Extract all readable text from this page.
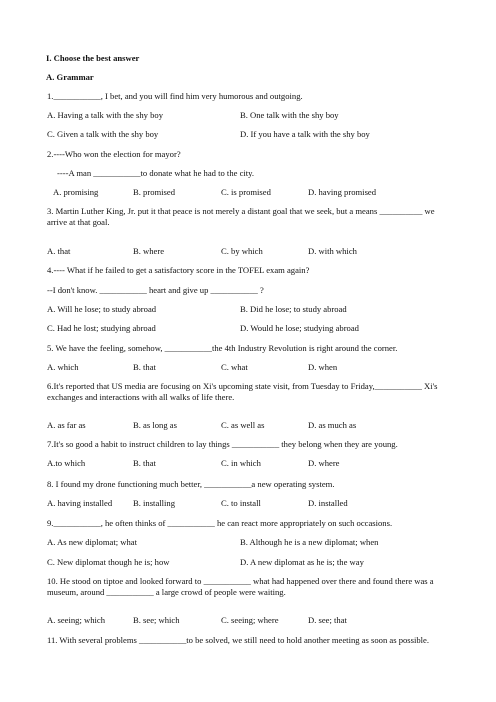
I. Choose the best answer
A. Grammar
1.___________, I bet, and you will find him very humorous and outgoing.
A. Having a talk with the shy boy	B. One talk with the shy boy
C. Given a talk with the shy boy	D. If you have a talk with the shy boy
2.----Who won the election for mayor?
----A man ___________to donate what he had to the city.
A. promising	B. promised	C. is promised	D. having promised
3. Martin Luther King, Jr. put it that peace is not merely a distant goal that we seek, but a means __________ we arrive at that goal.
A. that	B. where	C. by which	D. with which
4.---- What if he failed to get a satisfactory score in the TOFEL exam again?
--I don't know. ___________ heart and give up ___________ ?
A. Will he lose; to study abroad	B. Did he lose; to study abroad
C. Had he lost; studying abroad	D. Would he lose; studying abroad
5. We have the feeling, somehow, ___________the 4th Industry Revolution is right around the corner.
A. which	B. that	C. what	D. when
6.It's reported that US media are focusing on Xi's upcoming state visit, from Tuesday to Friday,___________ Xi's exchanges and interactions with all walks of life there.
A. as far as	B. as long as	C. as well as	D. as much as
7.It's so good a habit to instruct children to lay things ___________ they belong when they are young.
A.to which	B. that	C. in which	D. where
8. I found my drone functioning much better, ___________a new operating system.
A. having installed B. installing	C. to install	D. installed
9.___________, he often thinks of ___________ he can react more appropriately on such occasions.
A. As new diplomat; what	B. Although he is a new diplomat; when
C. New diplomat though he is; how	D. A new diplomat as he is; the way
10. He stood on tiptoe and looked forward to ___________ what had happened over there and found there was a museum, around ___________ a large crowd of people were waiting.
A. seeing; which	B. see; which	C. seeing; where	D. see; that
11. With several problems ___________to be solved, we still need to hold another meeting as soon as possible.
